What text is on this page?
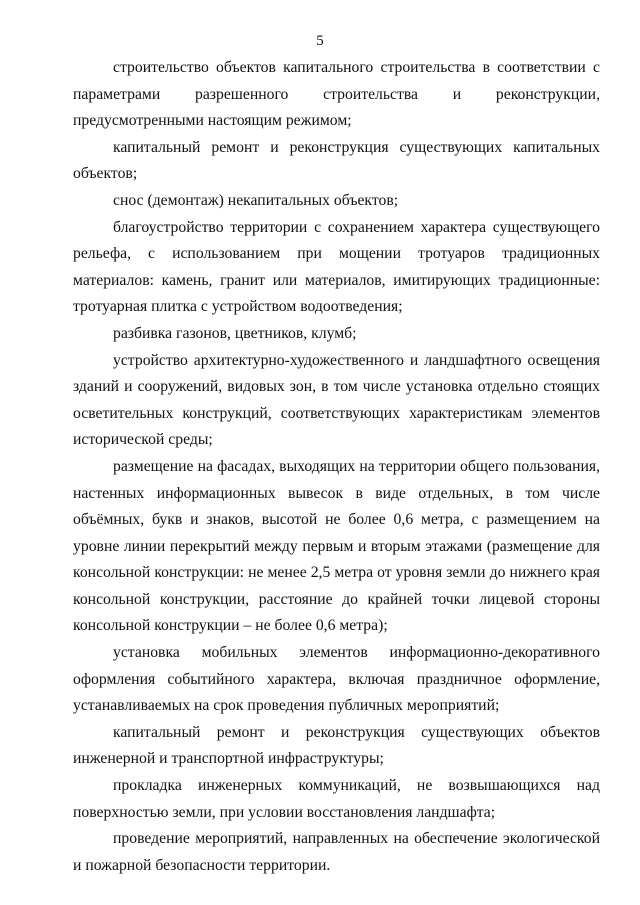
5

строительство объектов капитального строительства в соответствии с параметрами разрешенного строительства и реконструкции, предусмотренными настоящим режимом;

капитальный ремонт и реконструкция существующих капитальных объектов;

снос (демонтаж) некапитальных объектов;

благоустройство территории с сохранением характера существующего рельефа, с использованием при мощении тротуаров традиционных материалов: камень, гранит или материалов, имитирующих традиционные: тротуарная плитка с устройством водоотведения;

разбивка газонов, цветников, клумб;

устройство архитектурно-художественного и ландшафтного освещения зданий и сооружений, видовых зон, в том числе установка отдельно стоящих осветительных конструкций, соответствующих характеристикам элементов исторической среды;

размещение на фасадах, выходящих на территории общего пользования, настенных информационных вывесок в виде отдельных, в том числе объёмных, букв и знаков, высотой не более 0,6 метра, с размещением на уровне линии перекрытий между первым и вторым этажами (размещение для консольной конструкции: не менее 2,5 метра от уровня земли до нижнего края консольной конструкции, расстояние до крайней точки лицевой стороны консольной конструкции – не более 0,6 метра);

установка мобильных элементов информационно-декоративного оформления событийного характера, включая праздничное оформление, устанавливаемых на срок проведения публичных мероприятий;

капитальный ремонт и реконструкция существующих объектов инженерной и транспортной инфраструктуры;

прокладка инженерных коммуникаций, не возвышающихся над поверхностью земли, при условии восстановления ландшафта;

проведение мероприятий, направленных на обеспечение экологической и пожарной безопасности территории.
